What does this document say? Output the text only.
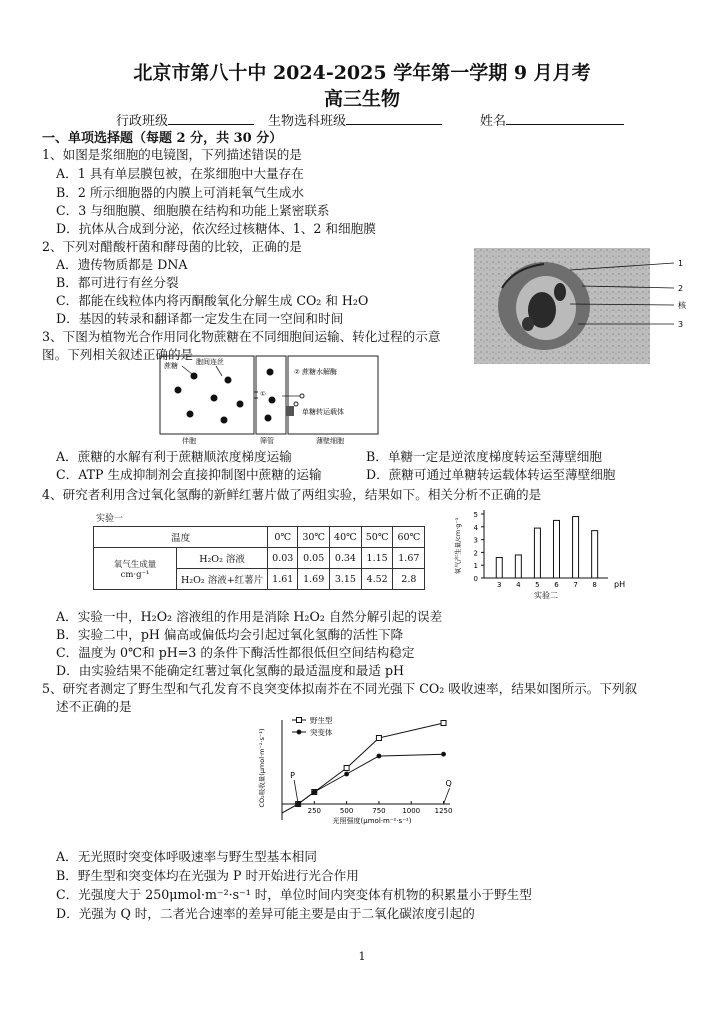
北京市第八十中 2024-2025 学年第一学期 9 月月考
高三生物
行政班级	生物选科班级	姓名
一、单项选择题（每题 2 分，共 30 分）
1、如图是浆细胞的电镜图，下列描述错误的是
A．1 具有单层膜包被，在浆细胞中大量存在
B．2 所示细胞器的内膜上可消耗氧气生成水
C．3 与细胞膜、细胞膜在结构和功能上紧密联系
D．抗体从合成到分泌，依次经过核糖体、1、2 和细胞膜
1
2
核
3
2、下列对醋酸杆菌和酵母菌的比较，正确的是
A．遗传物质都是 DNA
B．都可进行有丝分裂
C．都能在线粒体内将丙酮酸氧化分解生成 CO₂ 和 H₂O
D．基因的转录和翻译都一定发生在同一空间和时间
3、下图为植物光合作用同化物蔗糖在不同细胞间运输、转化过程的示意
图。下列相关叙述正确的是
蔗糖	胞间连丝
② 蔗糖水解酶
①
单糖转运载体
伴胞	筛管	薄壁细胞
A．蔗糖的水解有利于蔗糖顺浓度梯度运输	B．单糖一定是逆浓度梯度转运至薄壁细胞
C．ATP 生成抑制剂会直接抑制图中蔗糖的运输	D．蔗糖可通过单糖转运载体转运至薄壁细胞
4、研究者利用含过氧化氢酶的新鲜红薯片做了两组实验，结果如下。相关分析不正确的是
实验一
温度		0℃	30℃	40℃	50℃	60℃
氧气生成量 cm·g⁻¹	H₂O₂ 溶液	0.03	0.05	0.34	1.15	1.67
	H₂O₂ 溶液+红薯片	1.61	1.69	3.15	4.52	2.8	0
1
2
3
4
5
3 4 5 6 7 8 pH
实验二
氧气产生量/cm·g⁻¹
A．实验一中，H₂O₂ 溶液组的作用是消除 H₂O₂ 自然分解引起的误差
B．实验二中，pH 偏高或偏低均会引起过氧化氢酶的活性下降
C．温度为 0℃和 pH=3 的条件下酶活性都很低但空间结构稳定
D．由实验结果不能确定红薯过氧化氢酶的最适温度和最适 pH
5、研究者测定了野生型和气孔发育不良突变体拟南芥在不同光强下 CO₂ 吸收速率，结果如图所示。下列叙
述不正确的是
250	500	750 1000 1250
光照强度(μmol·m⁻²·s⁻¹)
CO₂吸收量(μmol·m⁻²·s⁻¹)
野生型
突变体
P
Q
A．无光照时突变体呼吸速率与野生型基本相同
B．野生型和突变体均在光强为 P 时开始进行光合作用
C．光强度大于 250μmol·m⁻²·s⁻¹ 时，单位时间内突变体有机物的积累量小于野生型
D．光强为 Q 时，二者光合速率的差异可能主要是由于二氧化碳浓度引起的
1
